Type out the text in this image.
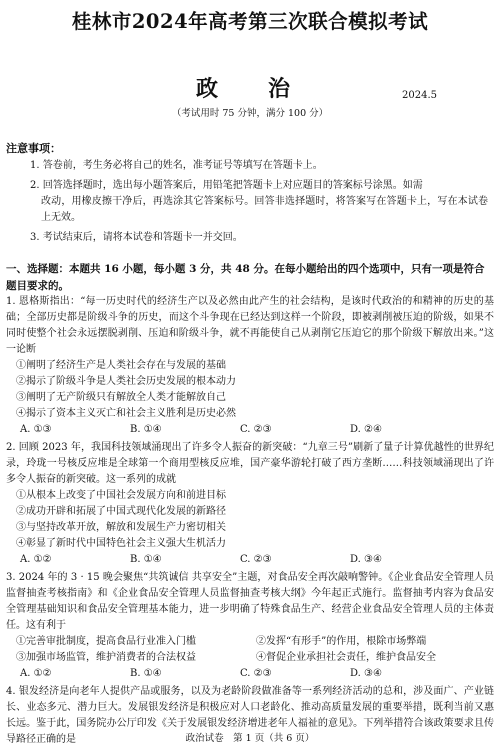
桂林市2024年高考第三次联合模拟考试
政　治	2024.5
（考试用时 75 分钟，满分 100 分）
注意事项：
1. 答卷前，考生务必将自己的姓名，准考证号等填写在答题卡上。
2. 回答选择题时，选出每小题答案后，用铅笔把答题卡上对应题目的答案标号涂黑。如需
改动，用橡皮擦干净后，再选涂其它答案标号。回答非选择题时，将答案写在答题卡上，写在本试卷上无效。
3. 考试结束后，请将本试卷和答题卡一并交回。
一、选择题：本题共 16 小题，每小题 3 分，共 48 分。在每小题给出的四个选项中，只有一项是符合题目要求的。
1. 恩格斯指出：“每一历史时代的经济生产以及必然由此产生的社会结构，是该时代政治的和精神的历史的基础；全部历史都是阶级斗争的历史，而这个斗争现在已经达到这样一个阶段，即被剥削被压迫的阶级，如果不同时使整个社会永远摆脱剥削、压迫和阶级斗争，就不再能使自己从剥削它压迫它的那个阶级下解放出来。”这一论断
①阐明了经济生产是人类社会存在与发展的基础
②揭示了阶级斗争是人类社会历史发展的根本动力
③阐明了无产阶级只有解放全人类才能解放自己
④揭示了资本主义灭亡和社会主义胜利是历史必然
A. ①③	B. ①④	C. ②③	D. ②④
2. 回顾 2023 年，我国科技领域涌现出了许多令人振奋的新突破：“九章三号”刷新了量子计算优越性的世界纪录，玲珑一号核反应堆是全球第一个商用型核反应堆，国产豪华游轮打破了西方垄断……科技领域涌现出了许多令人振奋的新突破。这一系列的成就
①从根本上改变了中国社会发展方向和前进目标
②成功开辟和拓展了中国式现代化发展的新路径
③与坚持改革开放，解放和发展生产力密切相关
④彰显了新时代中国特色社会主义强大生机活力
A. ①②	B. ①④	C. ②③	D. ③④
3. 2024 年的 3 · 15 晚会聚焦“共筑诚信 共享安全”主题，对食品安全再次敲响警钟。《企业食品安全管理人员监督抽查考核指南》和《企业食品安全管理人员监督抽查考核大纲》今年起正式施行。监督抽考内容为食品安全管理基础知识和食品安全管理基本能力，进一步明确了特殊食品生产、经营企业食品安全管理人员的主体责任。这有利于
①完善审批制度，提高食品行业准入门槛	②发挥“有形手”的作用，根除市场弊端
③加强市场监管，维护消费者的合法权益	④督促企业承担社会责任，维护食品安全
A. ①②	B. ①④	C. ②③	D. ③④
4. 银发经济是向老年人提供产品或服务，以及为老龄阶段做准备等一系列经济活动的总和，涉及面广、产业链长、业态多元、潜力巨大。发展银发经济是积极应对人口老龄化、推动高质量发展的重要举措，既利当前又惠长远。鉴于此，国务院办公厅印发《关于发展银发经济增进老年人福祉的意见》。下列举措符合该政策要求且传导路径正确的是	政治试卷　第 1 页（共 6 页）
